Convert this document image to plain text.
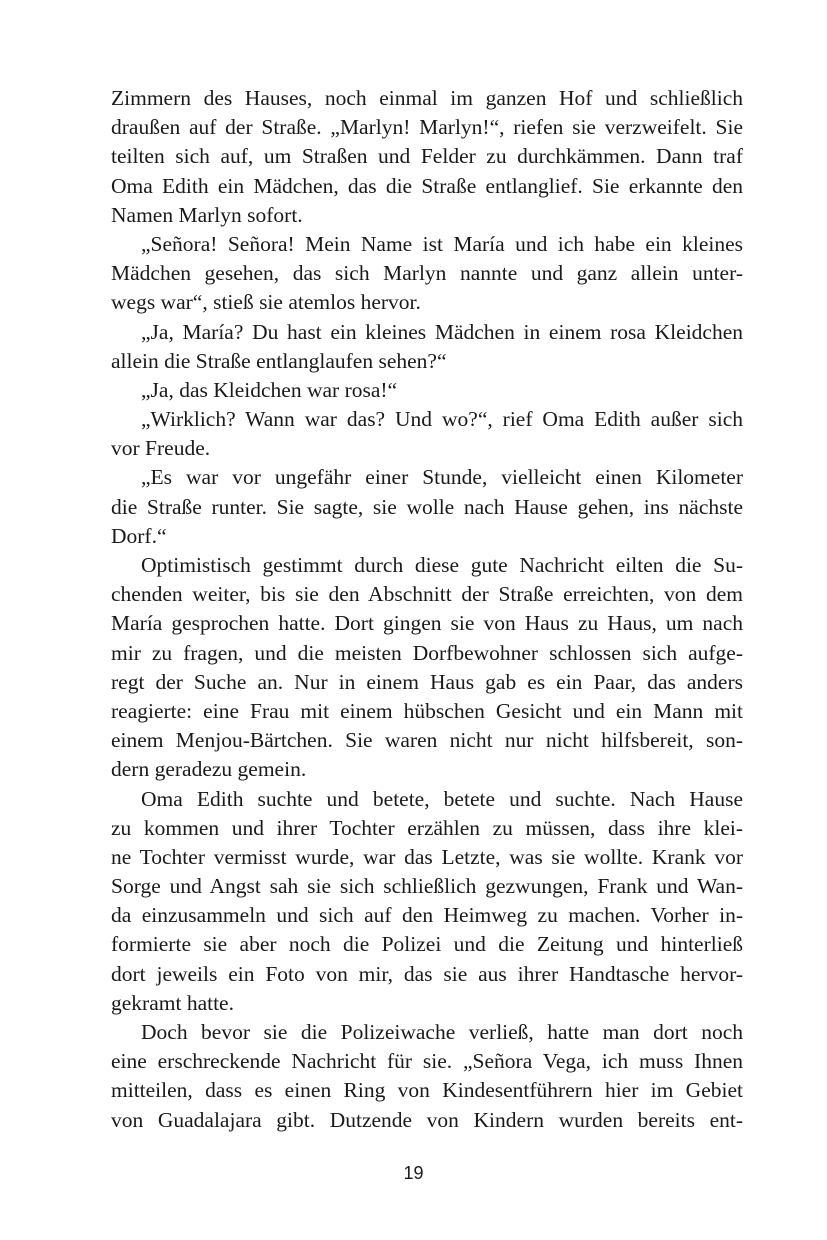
Zimmern des Hauses, noch einmal im ganzen Hof und schließlich
draußen auf der Straße. „Marlyn! Marlyn!“, riefen sie verzweifelt. Sie
teilten sich auf, um Straßen und Felder zu durchkämmen. Dann traf
Oma Edith ein Mädchen, das die Straße entlanglief. Sie erkannte den
Namen Marlyn sofort.
„Señora! Señora! Mein Name ist María und ich habe ein kleines
Mädchen gesehen, das sich Marlyn nannte und ganz allein unter-
wegs war“, stieß sie atemlos hervor.
„Ja, María? Du hast ein kleines Mädchen in einem rosa Kleidchen
allein die Straße entlanglaufen sehen?“
„Ja, das Kleidchen war rosa!“
„Wirklich? Wann war das? Und wo?“, rief Oma Edith außer sich
vor Freude.
„Es war vor ungefähr einer Stunde, vielleicht einen Kilometer
die Straße runter. Sie sagte, sie wolle nach Hause gehen, ins nächste
Dorf.“
Optimistisch gestimmt durch diese gute Nachricht eilten die Su-
chenden weiter, bis sie den Abschnitt der Straße erreichten, von dem
María gesprochen hatte. Dort gingen sie von Haus zu Haus, um nach
mir zu fragen, und die meisten Dorfbewohner schlossen sich aufge-
regt der Suche an. Nur in einem Haus gab es ein Paar, das anders
reagierte: eine Frau mit einem hübschen Gesicht und ein Mann mit
einem Menjou-Bärtchen. Sie waren nicht nur nicht hilfsbereit, son-
dern geradezu gemein.
Oma Edith suchte und betete, betete und suchte. Nach Hause
zu kommen und ihrer Tochter erzählen zu müssen, dass ihre klei-
ne Tochter vermisst wurde, war das Letzte, was sie wollte. Krank vor
Sorge und Angst sah sie sich schließlich gezwungen, Frank und Wan-
da einzusammeln und sich auf den Heimweg zu machen. Vorher in-
formierte sie aber noch die Polizei und die Zeitung und hinterließ
dort jeweils ein Foto von mir, das sie aus ihrer Handtasche hervor-
gekramt hatte.
Doch bevor sie die Polizeiwache verließ, hatte man dort noch
eine erschreckende Nachricht für sie. „Señora Vega, ich muss Ihnen
mitteilen, dass es einen Ring von Kindesentführern hier im Gebiet
von Guadalajara gibt. Dutzende von Kindern wurden bereits ent-
19
